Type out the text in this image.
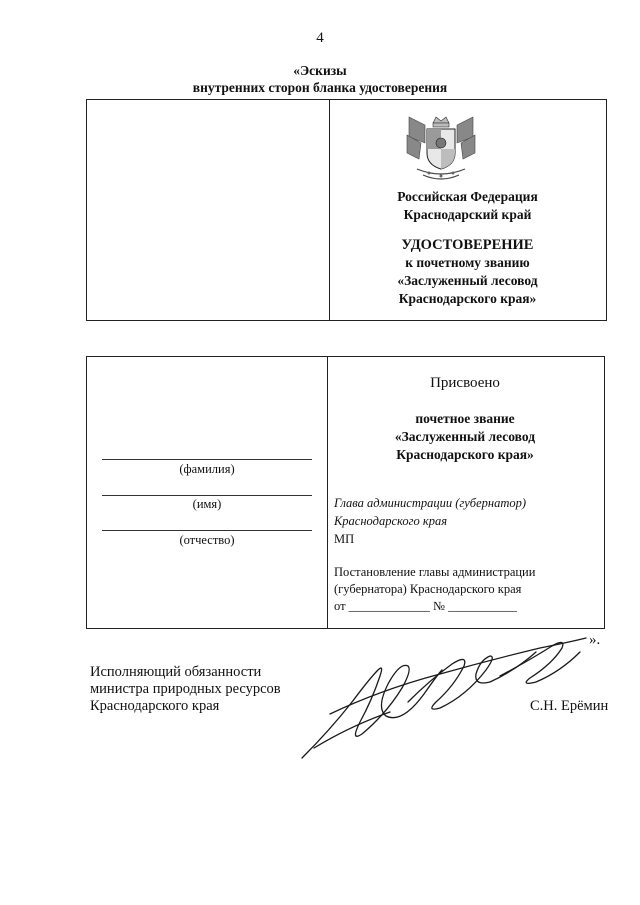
4
«Эскизы
внутренних сторон бланка удостоверения
Российская Федерация
Краснодарский край
УДОСТОВЕРЕНИЕ
к почетному званию
«Заслуженный лесовод
Краснодарского края»
(фамилия)
(имя)
(отчество)
Присвоено
почетное звание
«Заслуженный лесовод
Краснодарского края»
Глава администрации (губернатор)
Краснодарского края
МП
Постановление главы администрации
(губернатора) Краснодарского края
от _____________ № ___________
».
Исполняющий обязанности
министра природных ресурсов
Краснодарского края	С.Н. Ерёмин
